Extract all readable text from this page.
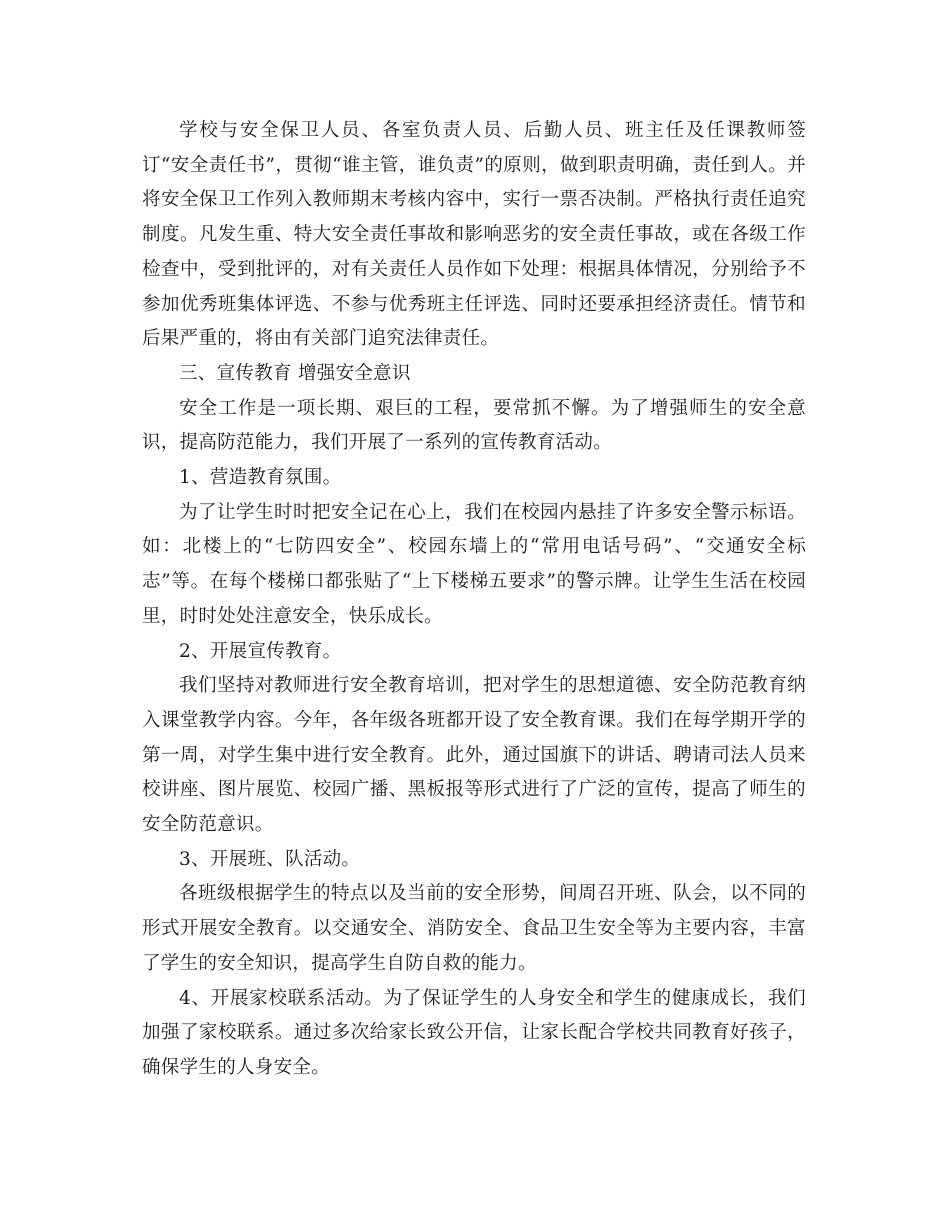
学校与安全保卫人员、各室负责人员、后勤人员、班主任及任课教师签订“安全责任书”，贯彻“谁主管，谁负责”的原则，做到职责明确，责任到人。并将安全保卫工作列入教师期末考核内容中，实行一票否决制。严格执行责任追究制度。凡发生重、特大安全责任事故和影响恶劣的安全责任事故，或在各级工作检查中，受到批评的，对有关责任人员作如下处理：根据具体情况，分别给予不参加优秀班集体评选、不参与优秀班主任评选、同时还要承担经济责任。情节和后果严重的，将由有关部门追究法律责任。

三、宣传教育 增强安全意识

安全工作是一项长期、艰巨的工程，要常抓不懈。为了增强师生的安全意识，提高防范能力，我们开展了一系列的宣传教育活动。

1、营造教育氛围。

为了让学生时时把安全记在心上，我们在校园内悬挂了许多安全警示标语。如：北楼上的“七防四安全”、校园东墙上的“常用电话号码”、“交通安全标志”等。在每个楼梯口都张贴了“上下楼梯五要求”的警示牌。让学生生活在校园里，时时处处注意安全，快乐成长。

2、开展宣传教育。

我们坚持对教师进行安全教育培训，把对学生的思想道德、安全防范教育纳入课堂教学内容。今年，各年级各班都开设了安全教育课。我们在每学期开学的第一周，对学生集中进行安全教育。此外，通过国旗下的讲话、聘请司法人员来校讲座、图片展览、校园广播、黑板报等形式进行了广泛的宣传，提高了师生的安全防范意识。

3、开展班、队活动。

各班级根据学生的特点以及当前的安全形势，间周召开班、队会，以不同的形式开展安全教育。以交通安全、消防安全、食品卫生安全等为主要内容，丰富了学生的安全知识，提高学生自防自救的能力。

4、开展家校联系活动。为了保证学生的人身安全和学生的健康成长，我们加强了家校联系。通过多次给家长致公开信，让家长配合学校共同教育好孩子，确保学生的人身安全。
